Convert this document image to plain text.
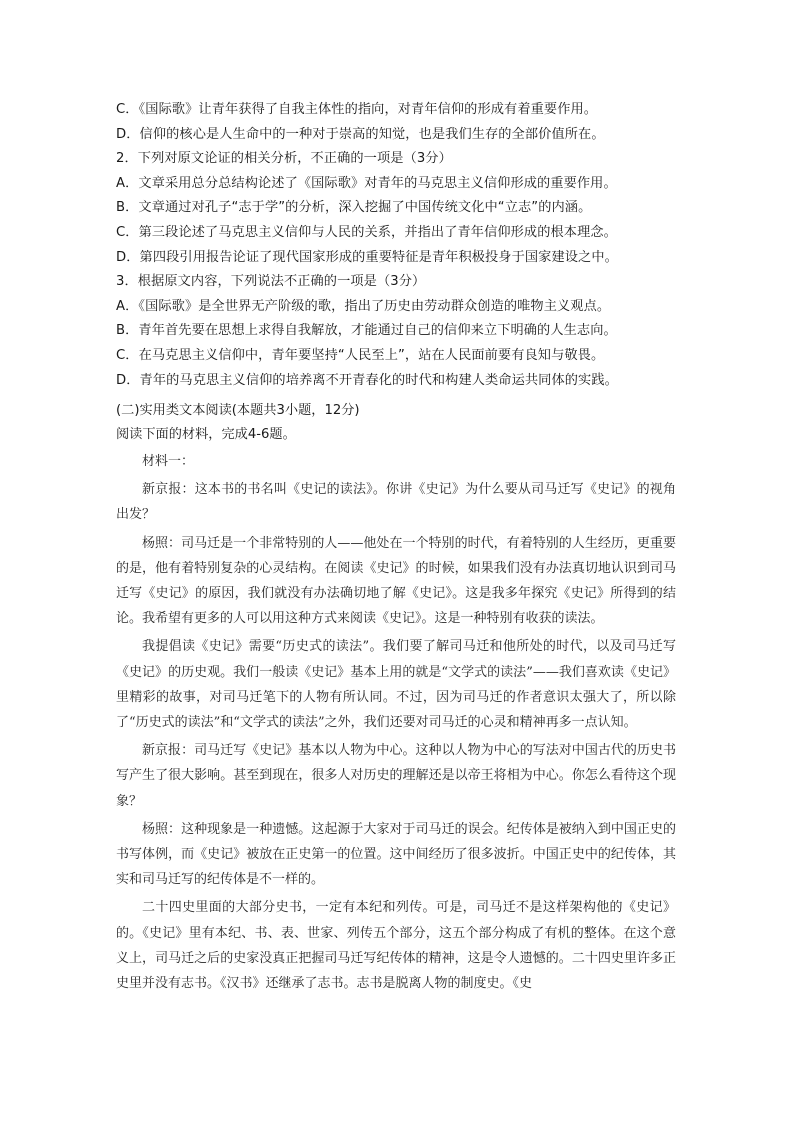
C．《国际歌》让青年获得了自我主体性的指向，对青年信仰的形成有着重要作用。
D．信仰的核心是人生命中的一种对于崇高的知觉，也是我们生存的全部价值所在。
2．下列对原文论证的相关分析，不正确的一项是（3分）
A．文章采用总分总结构论述了《国际歌》对青年的马克思主义信仰形成的重要作用。
B．文章通过对孔子“志于学”的分析，深入挖掘了中国传统文化中“立志”的内涵。
C．第三段论述了马克思主义信仰与人民的关系，并指出了青年信仰形成的根本理念。
D．第四段引用报告论证了现代国家形成的重要特征是青年积极投身于国家建设之中。
3．根据原文内容，下列说法不正确的一项是（3分）
A．《国际歌》是全世界无产阶级的歌，指出了历史由劳动群众创造的唯物主义观点。
B．青年首先要在思想上求得自我解放，才能通过自己的信仰来立下明确的人生志向。
C．在马克思主义信仰中，青年要坚持“人民至上”，站在人民面前要有良知与敬畏。
D．青年的马克思主义信仰的培养离不开青春化的时代和构建人类命运共同体的实践。
(二)实用类文本阅读(本题共3小题，12分)
阅读下面的材料，完成4-6题。

材料一：

新京报：这本书的书名叫《史记的读法》。你讲《史记》为什么要从司马迁写《史记》的视角出发？

杨照：司马迁是一个非常特别的人——他处在一个特别的时代，有着特别的人生经历，更重要的是，他有着特别复杂的心灵结构。在阅读《史记》的时候，如果我们没有办法真切地认识到司马迁写《史记》的原因，我们就没有办法确切地了解《史记》。这是我多年探究《史记》所得到的结论。我希望有更多的人可以用这种方式来阅读《史记》。这是一种特别有收获的读法。

我提倡读《史记》需要“历史式的读法”。我们要了解司马迁和他所处的时代，以及司马迁写《史记》的历史观。我们一般读《史记》基本上用的就是“文学式的读法”——我们喜欢读《史记》里精彩的故事，对司马迁笔下的人物有所认同。不过，因为司马迁的作者意识太强大了，所以除了“历史式的读法”和“文学式的读法”之外，我们还要对司马迁的心灵和精神再多一点认知。

新京报：司马迁写《史记》基本以人物为中心。这种以人物为中心的写法对中国古代的历史书写产生了很大影响。甚至到现在，很多人对历史的理解还是以帝王将相为中心。你怎么看待这个现象？

杨照：这种现象是一种遗憾。这起源于大家对于司马迁的误会。纪传体是被纳入到中国正史的书写体例，而《史记》被放在正史第一的位置。这中间经历了很多波折。中国正史中的纪传体，其实和司马迁写的纪传体是不一样的。

二十四史里面的大部分史书，一定有本纪和列传。可是，司马迁不是这样架构他的《史记》的。《史记》里有本纪、书、表、世家、列传五个部分，这五个部分构成了有机的整体。在这个意义上，司马迁之后的史家没真正把握司马迁写纪传体的精神，这是令人遗憾的。二十四史里许多正史里并没有志书。《汉书》还继承了志书。志书是脱离人物的制度史。《史
